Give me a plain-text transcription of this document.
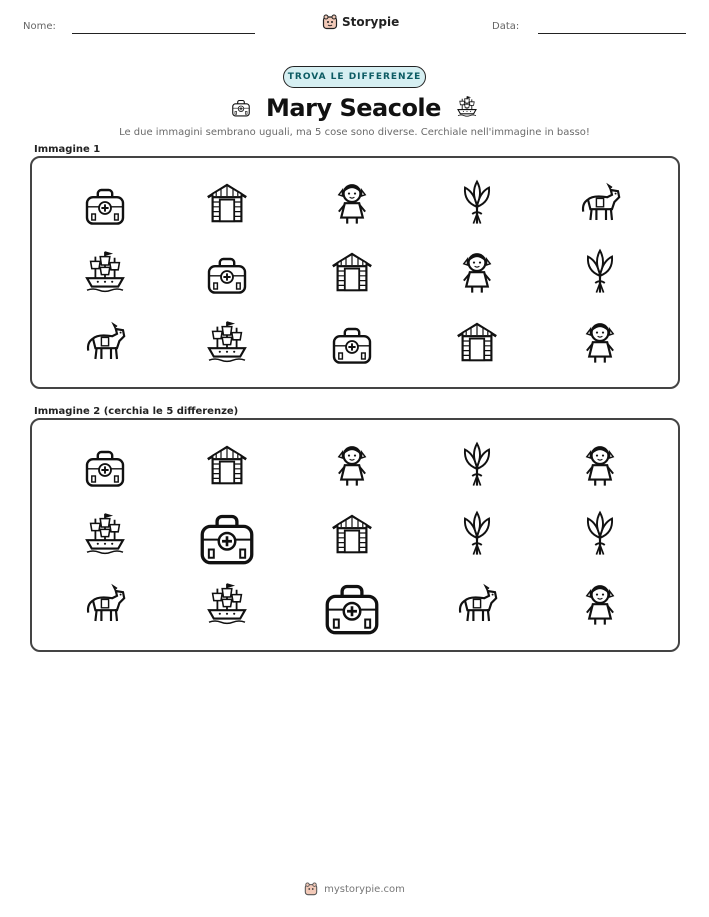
Nome:	Storypie	Data:
TROVA LE DIFFERENZE
Mary Seacole
Le due immagini sembrano uguali, ma 5 cose sono diverse. Cerchiale nell'immagine in basso!
Immagine 1
Immagine 2 (cerchia le 5 differenze)
mystorypie.com
